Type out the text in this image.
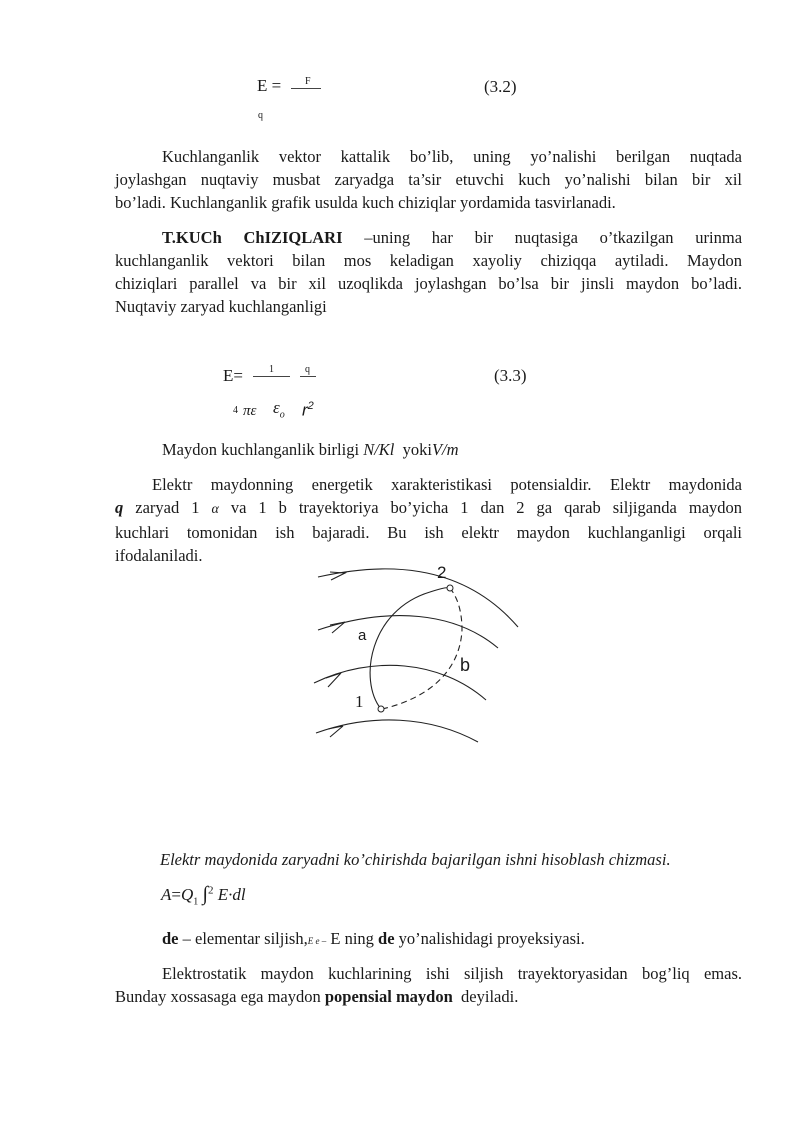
E = F
q
(3.2)

Kuchlanganlik vektor kattalik bo’lib, uning yo’nalishi berilgan nuqtada
joylashgan nuqtaviy musbat zaryadga ta’sir etuvchi kuch yo’nalishi bilan bir xil
bo’ladi. Kuchlanganlik grafik usulda kuch chiziqlar yordamida tasvirlanadi.

T.KUCh ChIZIQLARI –uning har bir nuqtasiga o’tkazilgan urinma
kuchlanganlik vektori bilan mos keladigan xayoliy chiziqqa aytiladi. Maydon
chiziqlari parallel va bir xil uzoqlikda joylashgan bo’lsa bir jinsli maydon bo’ladi.
Nuqtaviy zaryad kuchlanganligi

E=	1	q
4 πε $\varepsilon_o$ $r^2$
(3.3)
Maydon kuchlanganlik birligi N/Kl  yokiV/m

Elektr maydonning energetik xarakteristikasi potensialdir. Elektr maydonida
q zaryad 1 α va 1 b trayektoriya bo’yicha 1 dan 2 ga qarab siljiganda maydon
kuchlari tomonidan ish bajaradi. Bu ish elektr maydon kuchlanganligi orqali
ifodalaniladi.

2
a
b
1
Elektr maydonida zaryadni ko’chirishda bajarilgan ishni hisoblash chizmasi.
$A=Q_1$ ∫$^2$ E·dl
de – elementar siljish,E e – E ning de yo’nalishidagi proyeksiyasi.

Elektrostatik maydon kuchlarining ishi siljish trayektoryasidan bog’liq emas.
Bunday xossasaga ega maydon popensial maydon  deyiladi.
